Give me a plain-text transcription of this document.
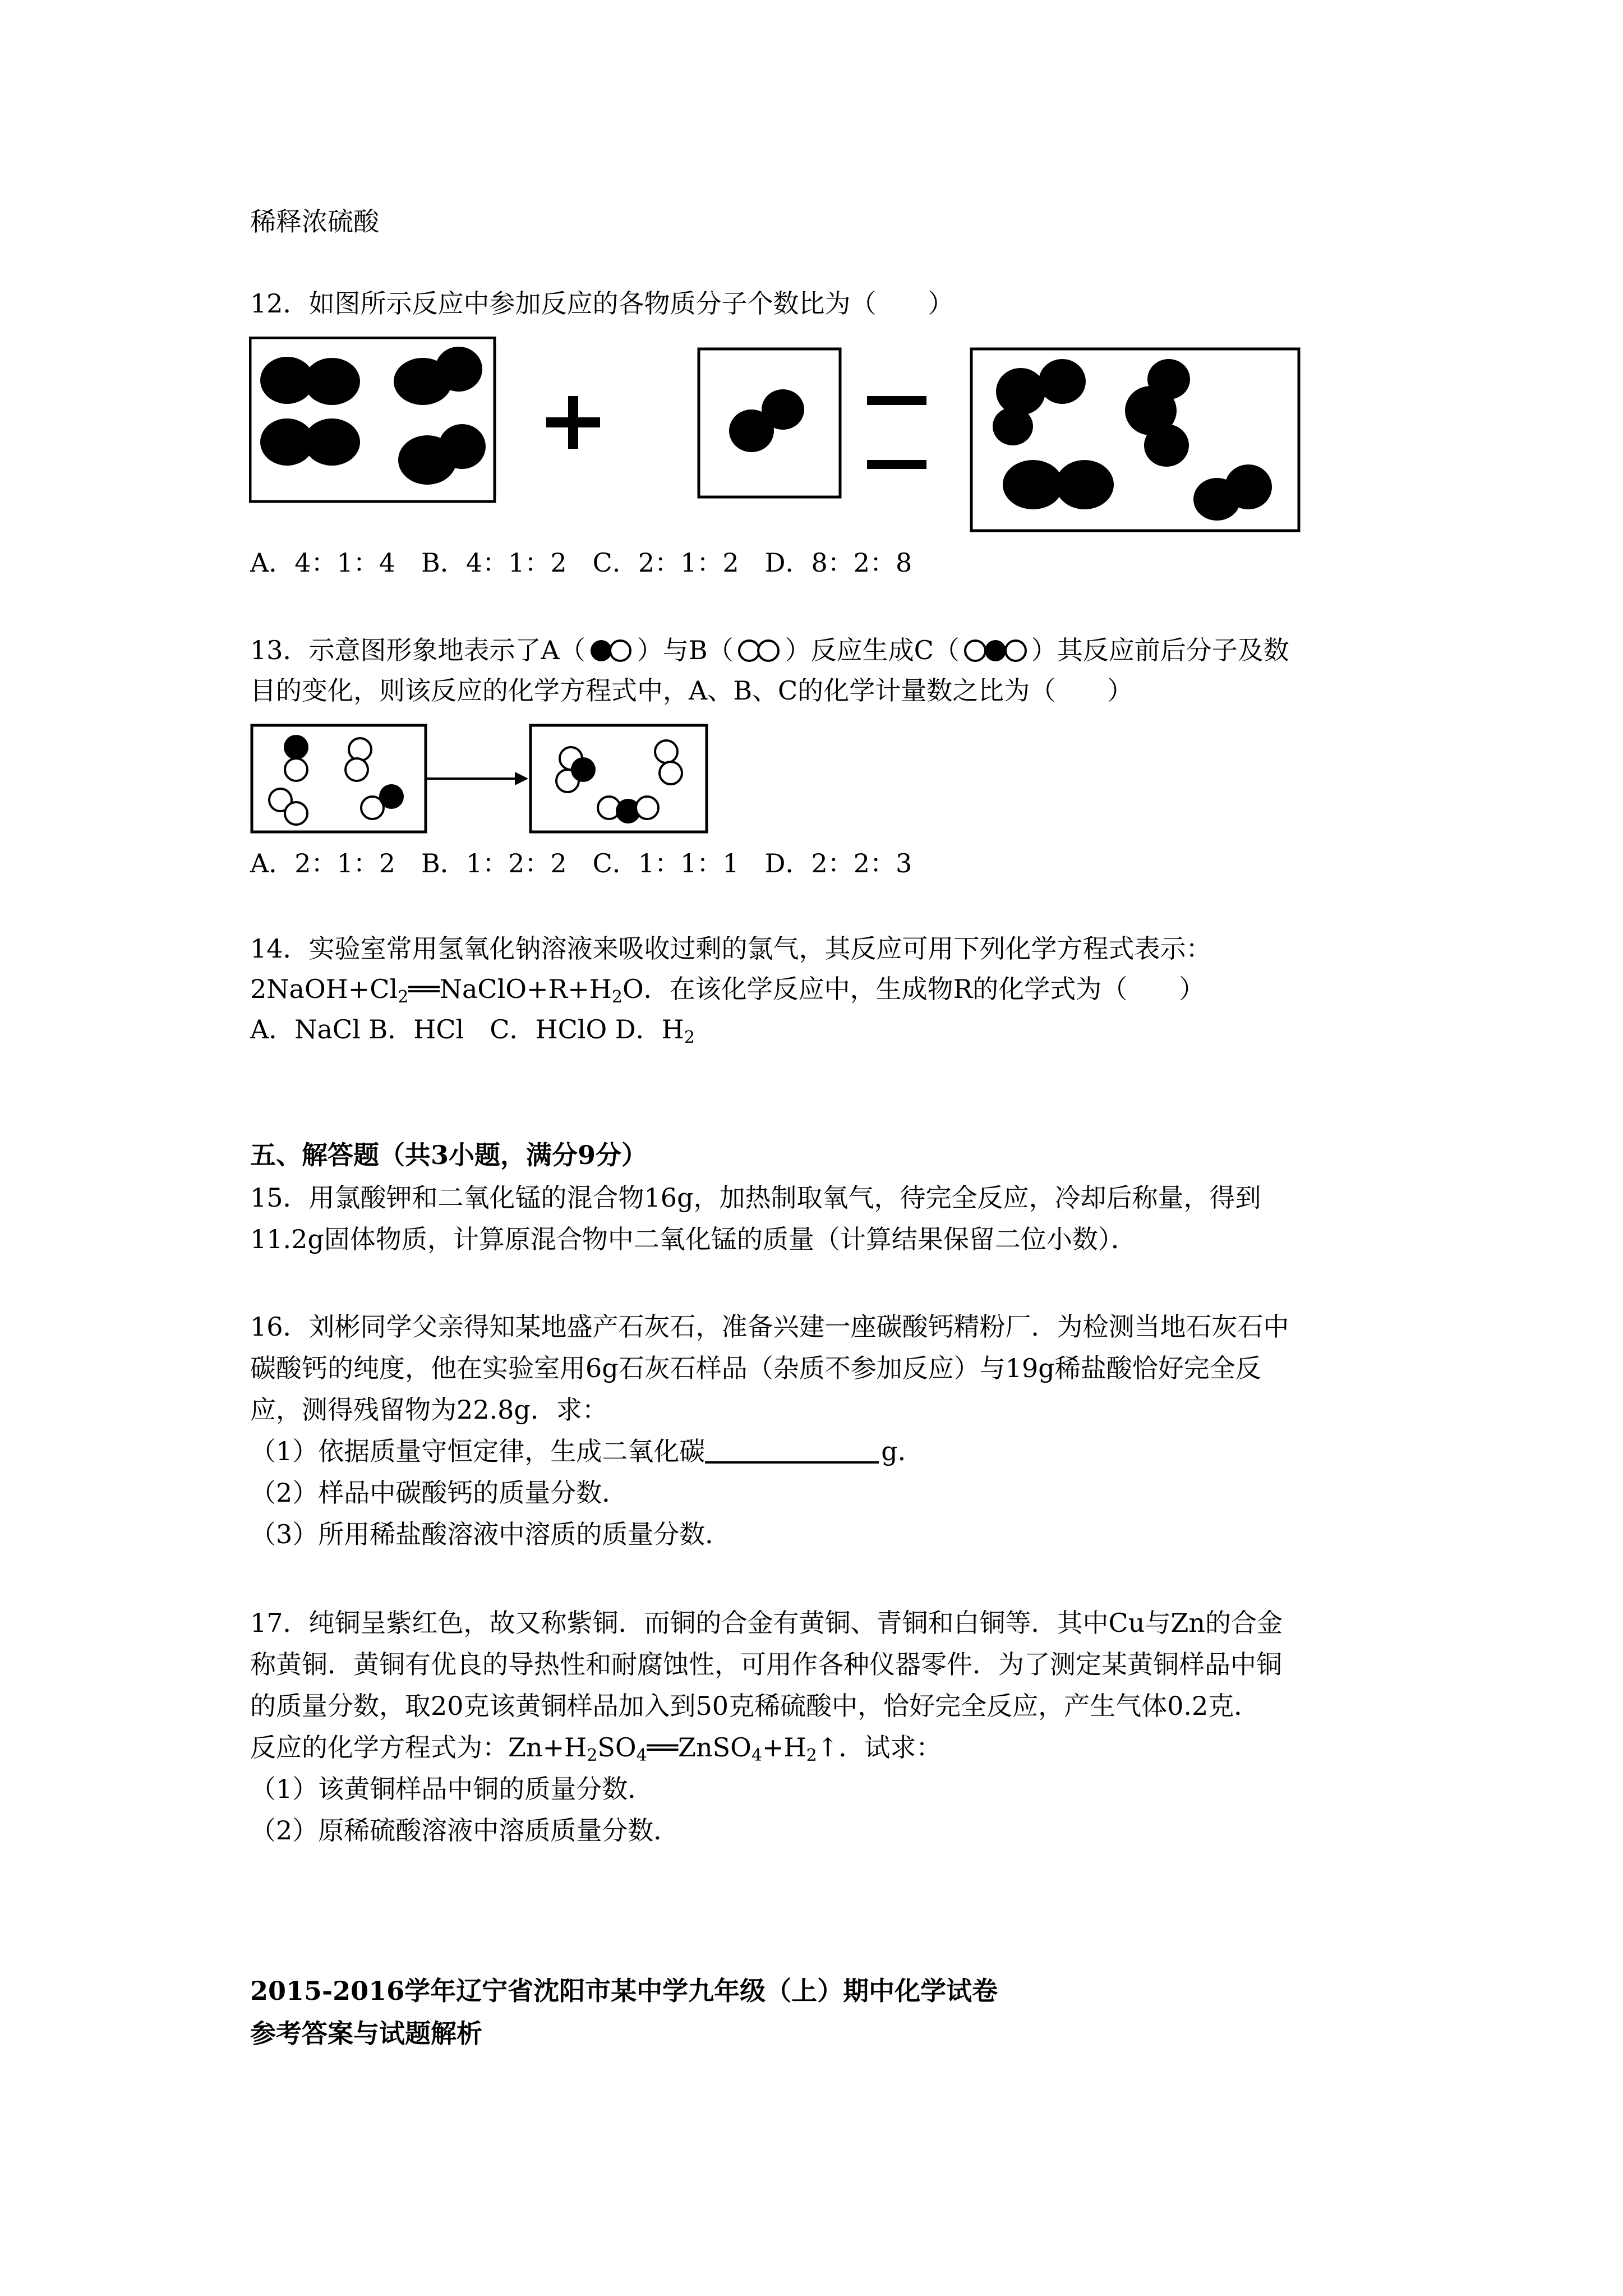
稀释浓硫酸
12．如图所示反应中参加反应的各物质分子个数比为（　　）
A．4：1：4　B．4：1：2　C．2：1：2　D．8：2：8
13．示意图形象地表示了A（ ）与B（ ）反应生成C（	）其反应前后分子及数
目的变化，则该反应的化学方程式中，A、B、C的化学计量数之比为（　　）
A．2：1：2　B．1：2：2　C．1：1：1　D．2：2：3
14．实验室常用氢氧化钠溶液来吸收过剩的氯气，其反应可用下列化学方程式表示：
$2NaOH+Cl_2══NaClO+R+H_2O$．在该化学反应中，生成物R的化学式为（　　）
A．NaCl B．HCl　C．HClO D．$H_2$
五、解答题（共3小题，满分9分）
15．用氯酸钾和二氧化锰的混合物16g，加热制取氧气，待完全反应，冷却后称量，得到
11.2g固体物质，计算原混合物中二氧化锰的质量（计算结果保留二位小数）．
16．刘彬同学父亲得知某地盛产石灰石，准备兴建一座碳酸钙精粉厂．为检测当地石灰石中
碳酸钙的纯度，他在实验室用6g石灰石样品（杂质不参加反应）与19g稀盐酸恰好完全反
应，测得残留物为22.8g．求：
（1）依据质量守恒定律，生成二氧化碳	g．
（2）样品中碳酸钙的质量分数．
（3）所用稀盐酸溶液中溶质的质量分数．
17．纯铜呈紫红色，故又称紫铜．而铜的合金有黄铜、青铜和白铜等．其中Cu与Zn的合金
称黄铜．黄铜有优良的导热性和耐腐蚀性，可用作各种仪器零件．为了测定某黄铜样品中铜
的质量分数，取20克该黄铜样品加入到50克稀硫酸中，恰好完全反应，产生气体0.2克．
反应的化学方程式为：$Zn+H_2SO_4══ZnSO_4+H_2↑$．试求：
（1）该黄铜样品中铜的质量分数．
（2）原稀硫酸溶液中溶质质量分数．
2015-2016学年辽宁省沈阳市某中学九年级（上）期中化学试卷
参考答案与试题解析
